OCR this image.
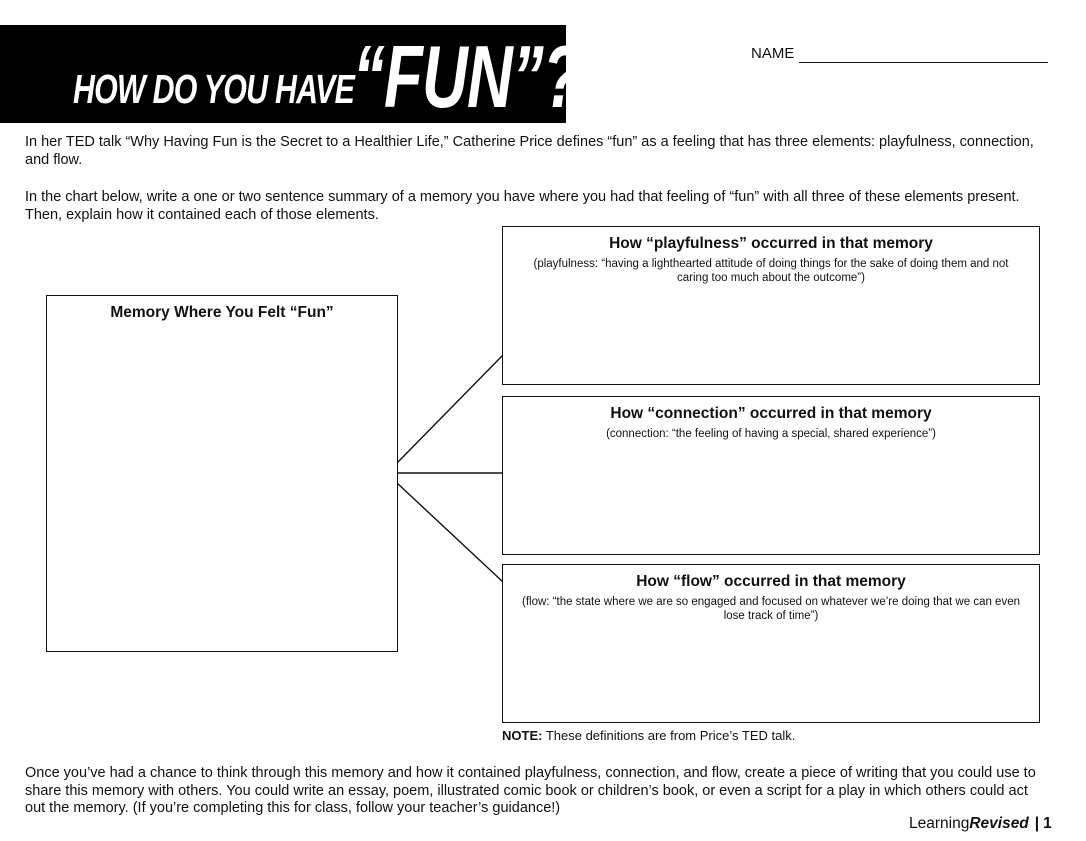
HOW DO YOU HAVE
“FUN”?	NAME
In her TED talk “Why Having Fun is the Secret to a Healthier Life,” Catherine Price defines “fun” as a feeling that has three elements: playfulness, connection, and flow.
In the chart below, write a one or two sentence summary of a memory you have where you had that feeling of “fun” with all three of these elements present. Then, explain how it contained each of those elements.
Memory Where You Felt “Fun”
How “playfulness” occurred in that memory
(playfulness: “having a lighthearted attitude of doing things for the sake of doing them and not caring too much about the outcome”)
How “connection” occurred in that memory
(connection: “the feeling of having a special, shared experience”)
How “flow” occurred in that memory
(flow: “the state where we are so engaged and focused on whatever we’re doing that we can even lose track of time”)
NOTE: These definitions are from Price’s TED talk.
Once you’ve had a chance to think through this memory and how it contained playfulness, connection, and flow, create a piece of writing that you could use to share this memory with others. You could write an essay, poem, illustrated comic book or children’s book, or even a script for a play in which others could act out the memory. (If you’re completing this for class, follow your teacher’s guidance!)
LearningRevised | 1
